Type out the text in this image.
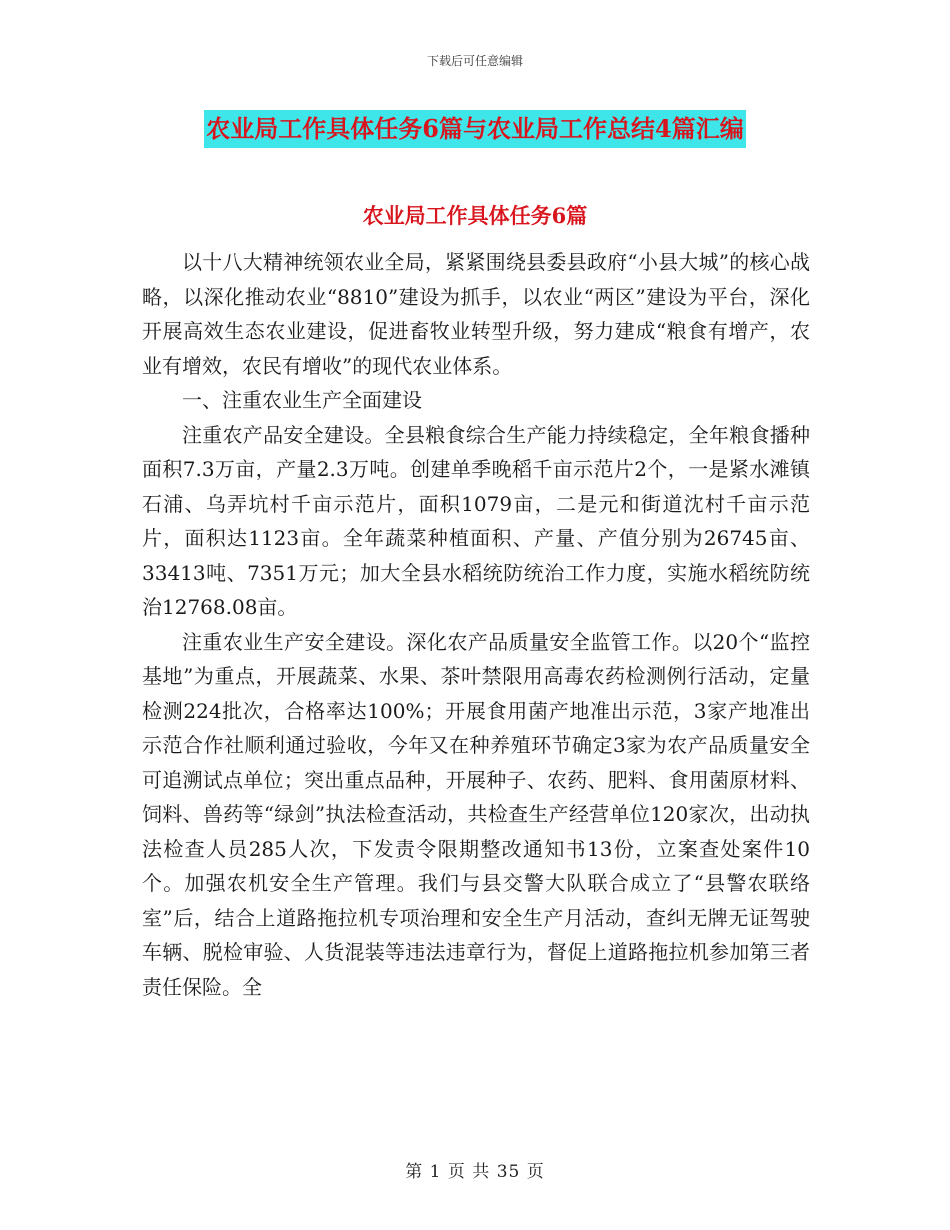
下载后可任意编辑
农业局工作具体任务6篇与农业局工作总结4篇汇编
农业局工作具体任务6篇

以十八大精神统领农业全局，紧紧围绕县委县政府“小县大城”的核心战略，以深化推动农业“8810”建设为抓手，以农业“两区”建设为平台，深化开展高效生态农业建设，促进畜牧业转型升级，努力建成“粮食有增产，农业有增效，农民有增收”的现代农业体系。

一、注重农业生产全面建设

注重农产品安全建设。全县粮食综合生产能力持续稳定，全年粮食播种面积7.3万亩，产量2.3万吨。创建单季晚稻千亩示范片2个，一是紧水滩镇石浦、乌弄坑村千亩示范片，面积1079亩，二是元和街道沈村千亩示范片，面积达1123亩。全年蔬菜种植面积、产量、产值分别为26745亩、33413吨、7351万元；加大全县水稻统防统治工作力度，实施水稻统防统治12768.08亩。

注重农业生产安全建设。深化农产品质量安全监管工作。以20个“监控基地”为重点，开展蔬菜、水果、茶叶禁限用高毒农药检测例行活动，定量检测224批次，合格率达100%；开展食用菌产地准出示范，3家产地准出示范合作社顺利通过验收，今年又在种养殖环节确定3家为农产品质量安全可追溯试点单位；突出重点品种，开展种子、农药、肥料、食用菌原材料、饲料、兽药等“绿剑”执法检查活动，共检查生产经营单位120家次，出动执法检查人员285人次，下发责令限期整改通知书13份，立案查处案件10个。加强农机安全生产管理。我们与县交警大队联合成立了“县警农联络室”后，结合上道路拖拉机专项治理和安全生产月活动，查纠无牌无证驾驶车辆、脱检审验、人货混装等违法违章行为，督促上道路拖拉机参加第三者责任保险。全

第 1 页 共 35 页
